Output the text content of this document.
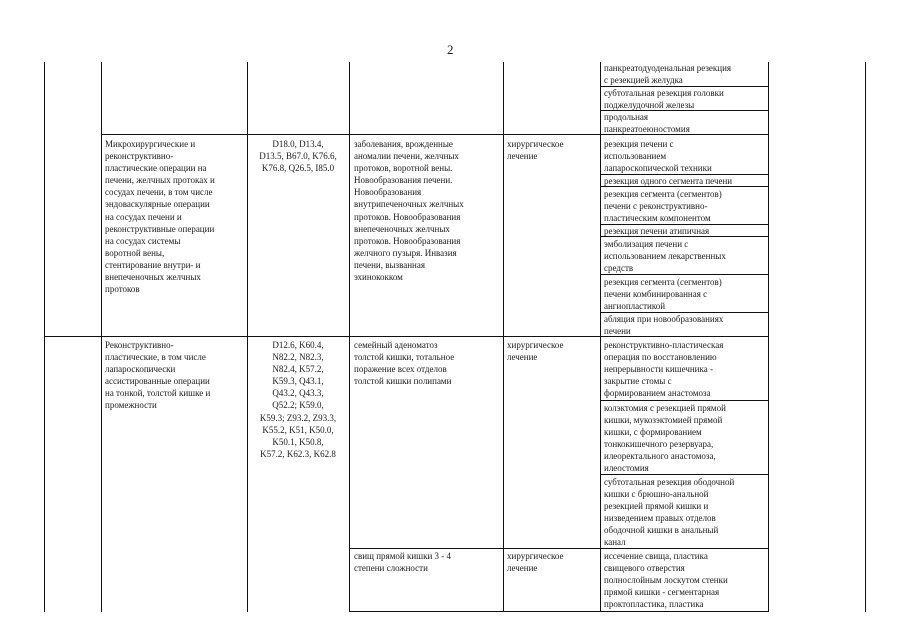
2
панкреатодуоденальная резекция
с резекцией желудка
субтотальная резекция головки
поджелудочной железы
продольная
панкреатоеюностомия
Микрохирургические и
реконструктивно-
пластические операции на
печени, желчных протоках и
сосудах печени, в том числе
эндоваскулярные операции
на сосудах печени и
реконструктивные операции
на сосудах системы
воротной вены,
стентирование внутри- и
внепеченочных желчных
протоков
D18.0, D13.4,
D13.5, B67.0, K76.6,
K76.8, Q26.5, I85.0
заболевания, врожденные
аномалии печени, желчных
протоков, воротной вены.
Новообразования печени.
Новообразования
внутрипеченочных желчных
протоков. Новообразования
внепеченочных желчных
протоков. Новообразования
желчного пузыря. Инвазия
печени, вызванная
эхинококком
хирургическое
лечение
резекция печени с
использованием
лапароскопической техники
резекция одного сегмента печени
резекция сегмента (сегментов)
печени с реконструктивно-
пластическим компонентом
резекция печени атипичная
эмболизация печени с
использованием лекарственных
средств
резекция сегмента (сегментов)
печени комбинированная с
ангиопластикой
абляция при новообразованиях
печени
Реконструктивно-
пластические, в том числе
лапароскопически
ассистированные операции
на тонкой, толстой кишке и
промежности
D12.6, K60.4,
N82.2, N82.3,
N82.4, K57.2,
K59.3, Q43.1,
Q43.2, Q43.3,
Q52.2; K59.0,
K59.3; Z93.2, Z93.3,
K55.2, K51, K50.0,
K50.1, K50.8,
K57.2, K62.3, K62.8
семейный аденоматоз
толстой кишки, тотальное
поражение всех отделов
толстой кишки полипами
хирургическое
лечение
реконструктивно-пластическая
операция по восстановлению
непрерывности кишечника -
закрытие стомы с
формированием анастомоза
колэктомия с резекцией прямой
кишки, мукозэктомией прямой
кишки, с формированием
тонкокишечного резервуара,
илеоректального анастомоза,
илеостомия
субтотальная резекция ободочной
кишки с брюшно-анальной
резекцией прямой кишки и
низведением правых отделов
ободочной кишки в анальный
канал
свищ прямой кишки 3 - 4
степени сложности
хирургическое
лечение
иссечение свища, пластика
свищевого отверстия
полнослойным лоскутом стенки
прямой кишки - сегментарная
проктопластика, пластика
